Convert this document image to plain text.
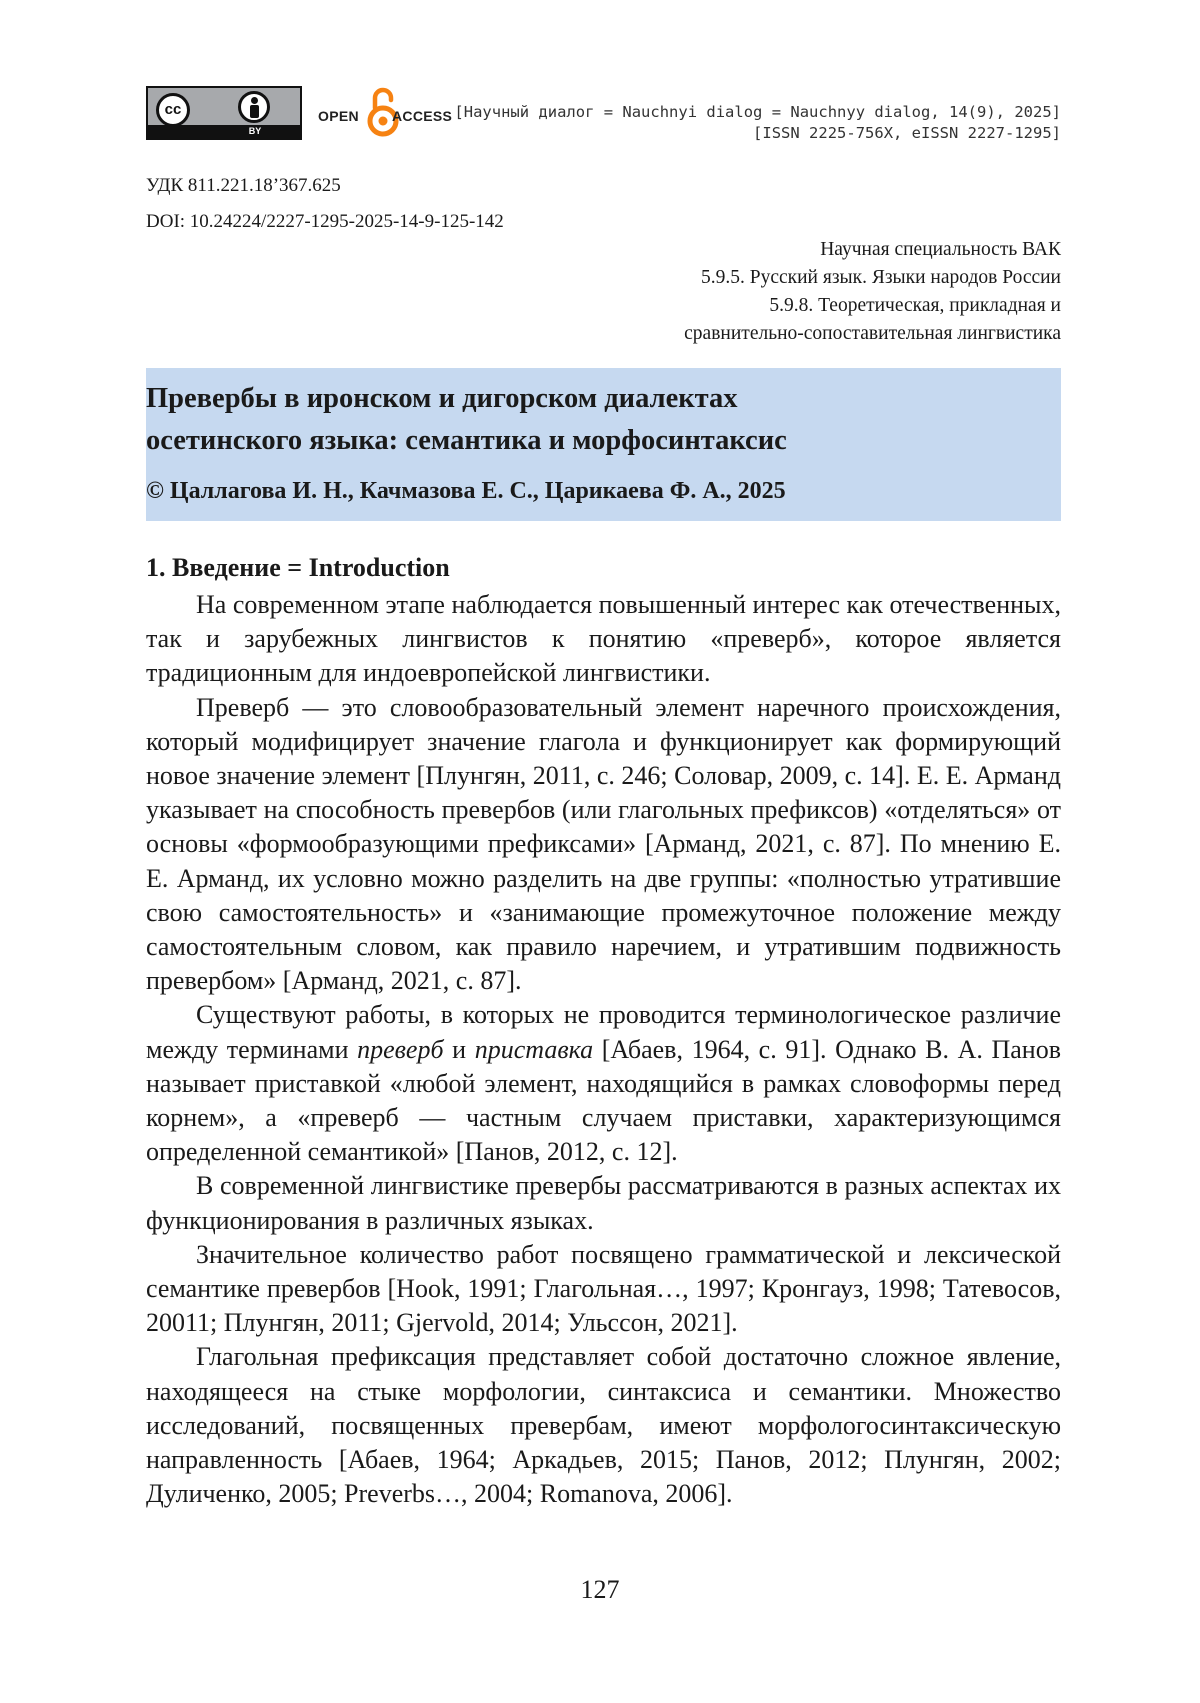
cc
BY
OPEN ACCESS [Научный диалог = Nauchnyi dialog = Nauchnyy dialog, 14(9), 2025]
[ISSN 2225-756X, eISSN 2227-1295]
УДК 811.221.18’367.625
DOI: 10.24224/2227-1295-2025-14-9-125-142
Научная специальность ВАК
5.9.5. Русский язык. Языки народов России
5.9.8. Теоретическая, прикладная и
сравнительно-сопоставительная лингвистика
Превербы в иронском и дигорском диалектах
осетинского языка: семантика и морфосинтаксис
© Цаллагова И. Н., Качмазова Е. С., Царикаева Ф. А., 2025
1. Введение = Introduction

На современном этапе наблюдается повышенный интерес как отечественных, так и зарубежных лингвистов к понятию «преверб», которое является традиционным для индоевропейской лингвистики.

Преверб — это словообразовательный элемент наречного происхождения, который модифицирует значение глагола и функционирует как формирующий новое значение элемент [Плунгян, 2011, с. 246; Соловар, 2009, с. 14]. Е. Е. Арманд указывает на способность превербов (или глагольных префиксов) «отделяться» от основы «формообразующими префиксами» [Арманд, 2021, с. 87]. По мнению Е. Е. Арманд, их условно можно разделить на две группы: «полностью утратившие свою самостоятельность» и «занимающие промежуточное положение между самостоятельным словом, как правило наречием, и утратившим подвижность превербом» [Арманд, 2021, с. 87].

Существуют работы, в которых не проводится терминологическое различие между терминами преверб и приставка [Абаев, 1964, с. 91]. Однако В. А. Панов называет приставкой «любой элемент, находящийся в рамках словоформы перед корнем», а «преверб — частным случаем приставки, характеризующимся определенной семантикой» [Панов, 2012, с. 12].

В современной лингвистике превербы рассматриваются в разных аспектах их функционирования в различных языках.

Значительное количество работ посвящено грамматической и лексической семантике превербов [Hook, 1991; Глагольная…, 1997; Кронгауз, 1998; Татевосов, 20011; Плунгян, 2011; Gjervold, 2014; Ульссон, 2021].

Глагольная префиксация представляет собой достаточно сложное явление, находящееся на стыке морфологии, синтаксиса и семантики. Множество исследований, посвященных превербам, имеют морфологосинтаксическую направленность [Абаев, 1964; Аркадьев, 2015; Панов, 2012; Плунгян, 2002; Дуличенко, 2005; Preverbs…, 2004; Romanova, 2006].

127
